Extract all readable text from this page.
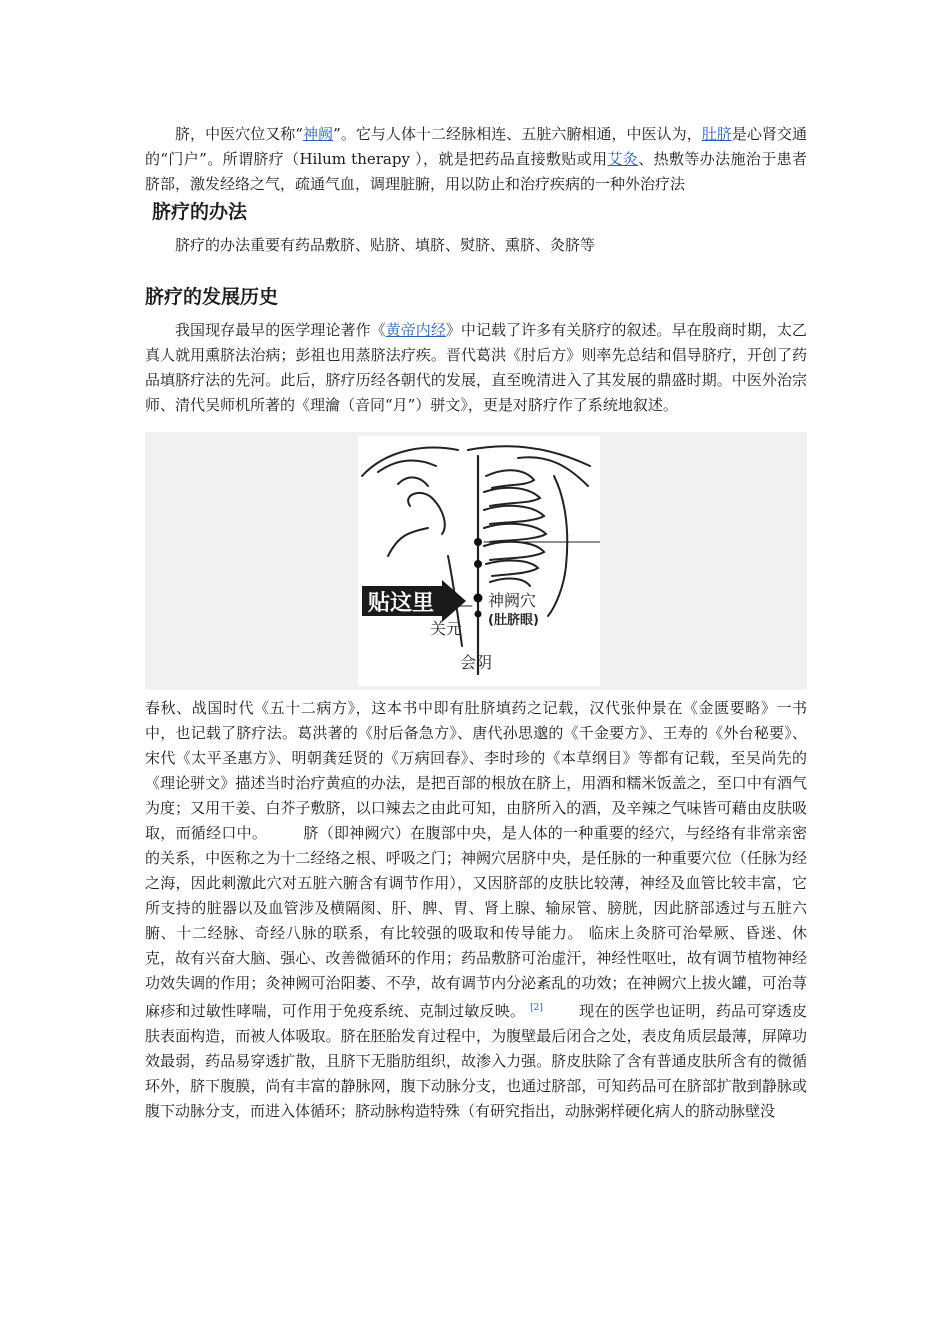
脐，中医穴位又称“神阙”。它与人体十二经脉相连、五脏六腑相通，中医认为，肚脐是心肾交通的“门户”。所谓脐疗（Hilum therapy ），就是把药品直接敷贴或用艾灸、热敷等办法施治于患者脐部，激发经络之气，疏通气血，调理脏腑，用以防止和治疗疾病的一种外治疗法

脐疗的办法

脐疗的办法重要有药品敷脐、贴脐、填脐、熨脐、熏脐、灸脐等

脐疗的发展历史

我国现存最早的医学理论著作《黄帝内经》中记载了许多有关脐疗的叙述。早在殷商时期，太乙真人就用熏脐法治病；彭祖也用蒸脐法疗疾。晋代葛洪《肘后方》则率先总结和倡导脐疗，开创了药品填脐疗法的先河。此后，脐疗历经各朝代的发展，直至晚清进入了其发展的鼎盛时期。中医外治宗师、清代吴师机所著的《理瀹（音同“月”）骈文》，更是对脐疗作了系统地叙述。

贴这里	神阙穴
(肚脐眼)
关元
会阴

春秋、战国时代《五十二病方》，这本书中即有肚脐填药之记载，汉代张仲景在《金匮要略》一书中，也记载了脐疗法。葛洪著的《肘后备急方》、唐代孙思邈的《千金要方》、王寿的《外台秘要》、宋代《太平圣惠方》、明朝龚廷贤的《万病回春》、李时珍的《本草纲目》等都有记载，至吴尚先的《理论骈文》描述当时治疗黄疸的办法，是把百部的根放在脐上，用酒和糯米饭盖之，至口中有酒气为度；又用干姜、白芥子敷脐，以口辣去之由此可知，由脐所入的酒，及辛辣之气味皆可藉由皮肤吸取，而循经口中。 脐（即神阙穴）在腹部中央，是人体的一种重要的经穴，与经络有非常亲密的关系，中医称之为十二经络之根、呼吸之门；神阙穴居脐中央，是任脉的一种重要穴位（任脉为经之海，因此刺激此穴对五脏六腑含有调节作用），又因脐部的皮肤比较薄，神经及血管比较丰富，它所支持的脏器以及血管涉及横隔阂、肝、脾、胃、肾上腺、输尿管、膀胱，因此脐部透过与五脏六腑、十二经脉、奇经八脉的联系，有比较强的吸取和传导能力。 临床上灸脐可治晕厥、昏迷、休克，故有兴奋大脑、强心、改善微循环的作用；药品敷脐可治虚汗，神经性呕吐，故有调节植物神经功效失调的作用；灸神阙可治阳萎、不孕，故有调节内分泌紊乱的功效；在神阙穴上拔火罐，可治荨麻疹和过敏性哮喘，可作用于免疫系统、克制过敏反映。 [2] 现在的医学也证明，药品可穿透皮肤表面构造，而被人体吸取。脐在胚胎发育过程中，为腹壁最后闭合之处，表皮角质层最薄，屏障功效最弱，药品易穿透扩散，且脐下无脂肪组织，故渗入力强。脐皮肤除了含有普通皮肤所含有的微循环外，脐下腹膜，尚有丰富的静脉网，腹下动脉分支，也通过脐部，可知药品可在脐部扩散到静脉或腹下动脉分支，而进入体循环；脐动脉构造特殊（有研究指出，动脉粥样硬化病人的脐动脉壁没
